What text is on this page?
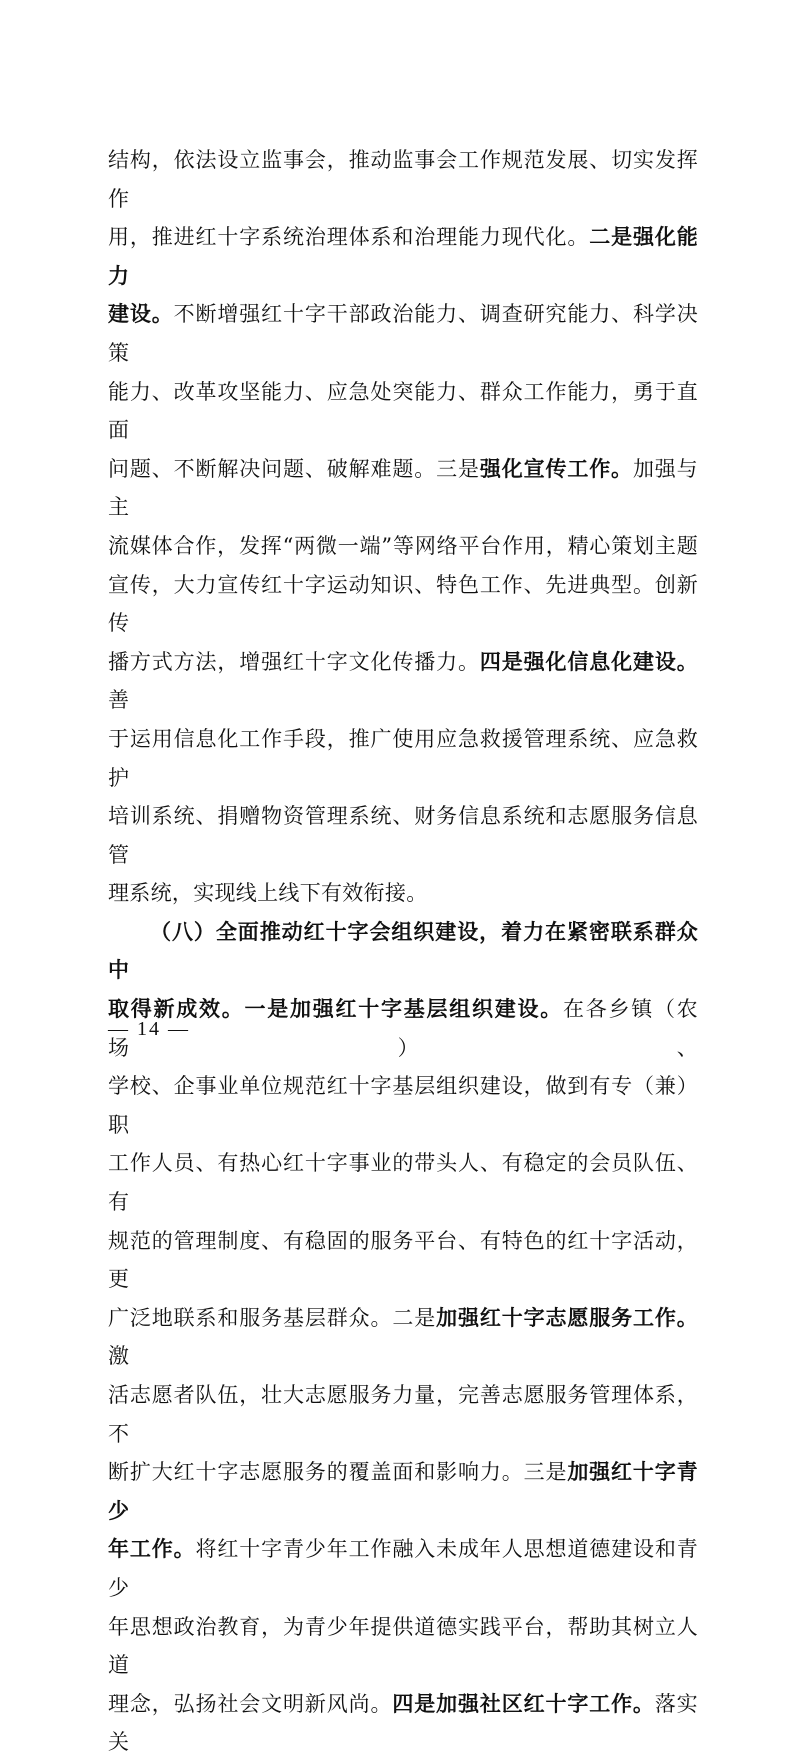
结构，依法设立监事会，推动监事会工作规范发展、切实发挥作

用，推进红十字系统治理体系和治理能力现代化。二是强化能力

建设。不断增强红十字干部政治能力、调查研究能力、科学决策

能力、改革攻坚能力、应急处突能力、群众工作能力，勇于直面

问题、不断解决问题、破解难题。三是强化宣传工作。加强与主

流媒体合作，发挥“两微一端”等网络平台作用，精心策划主题

宣传，大力宣传红十字运动知识、特色工作、先进典型。创新传

播方式方法，增强红十字文化传播力。四是强化信息化建设。善

于运用信息化工作手段，推广使用应急救援管理系统、应急救护

培训系统、捐赠物资管理系统、财务信息系统和志愿服务信息管

理系统，实现线上线下有效衔接。

（八）全面推动红十字会组织建设，着力在紧密联系群众中

取得新成效。一是加强红十字基层组织建设。在各乡镇（农场）、

学校、企事业单位规范红十字基层组织建设，做到有专（兼）职

工作人员、有热心红十字事业的带头人、有稳定的会员队伍、有

规范的管理制度、有稳固的服务平台、有特色的红十字活动，更

广泛地联系和服务基层群众。二是加强红十字志愿服务工作。激

活志愿者队伍，壮大志愿服务力量，完善志愿服务管理体系，不

断扩大红十字志愿服务的覆盖面和影响力。三是加强红十字青少

年工作。将红十字青少年工作融入未成年人思想道德建设和青少

年思想政治教育，为青少年提供道德实践平台，帮助其树立人道

理念，弘扬社会文明新风尚。四是加强社区红十字工作。落实关

— 14 —
